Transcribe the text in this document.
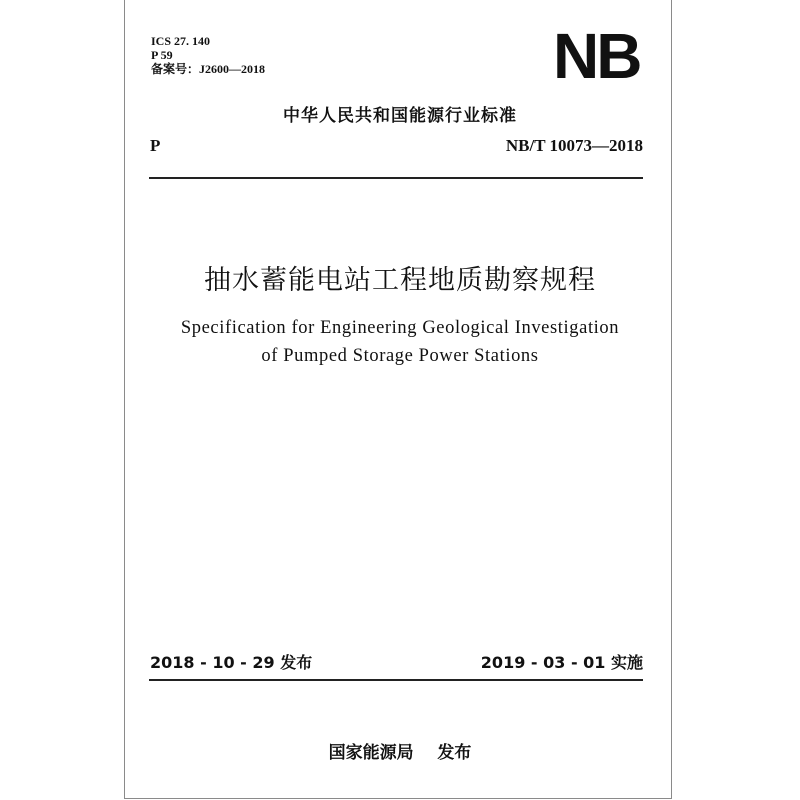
ICS 27. 140
P 59
备案号：J2600—2018	NB
中华人民共和国能源行业标准
P	NB/T 10073—2018
抽水蓄能电站工程地质勘察规程
Specification for Engineering Geological Investigation
of Pumped Storage Power Stations
2018 - 10 - 29 发布	2019 - 03 - 01 实施
国家能源局    发布
